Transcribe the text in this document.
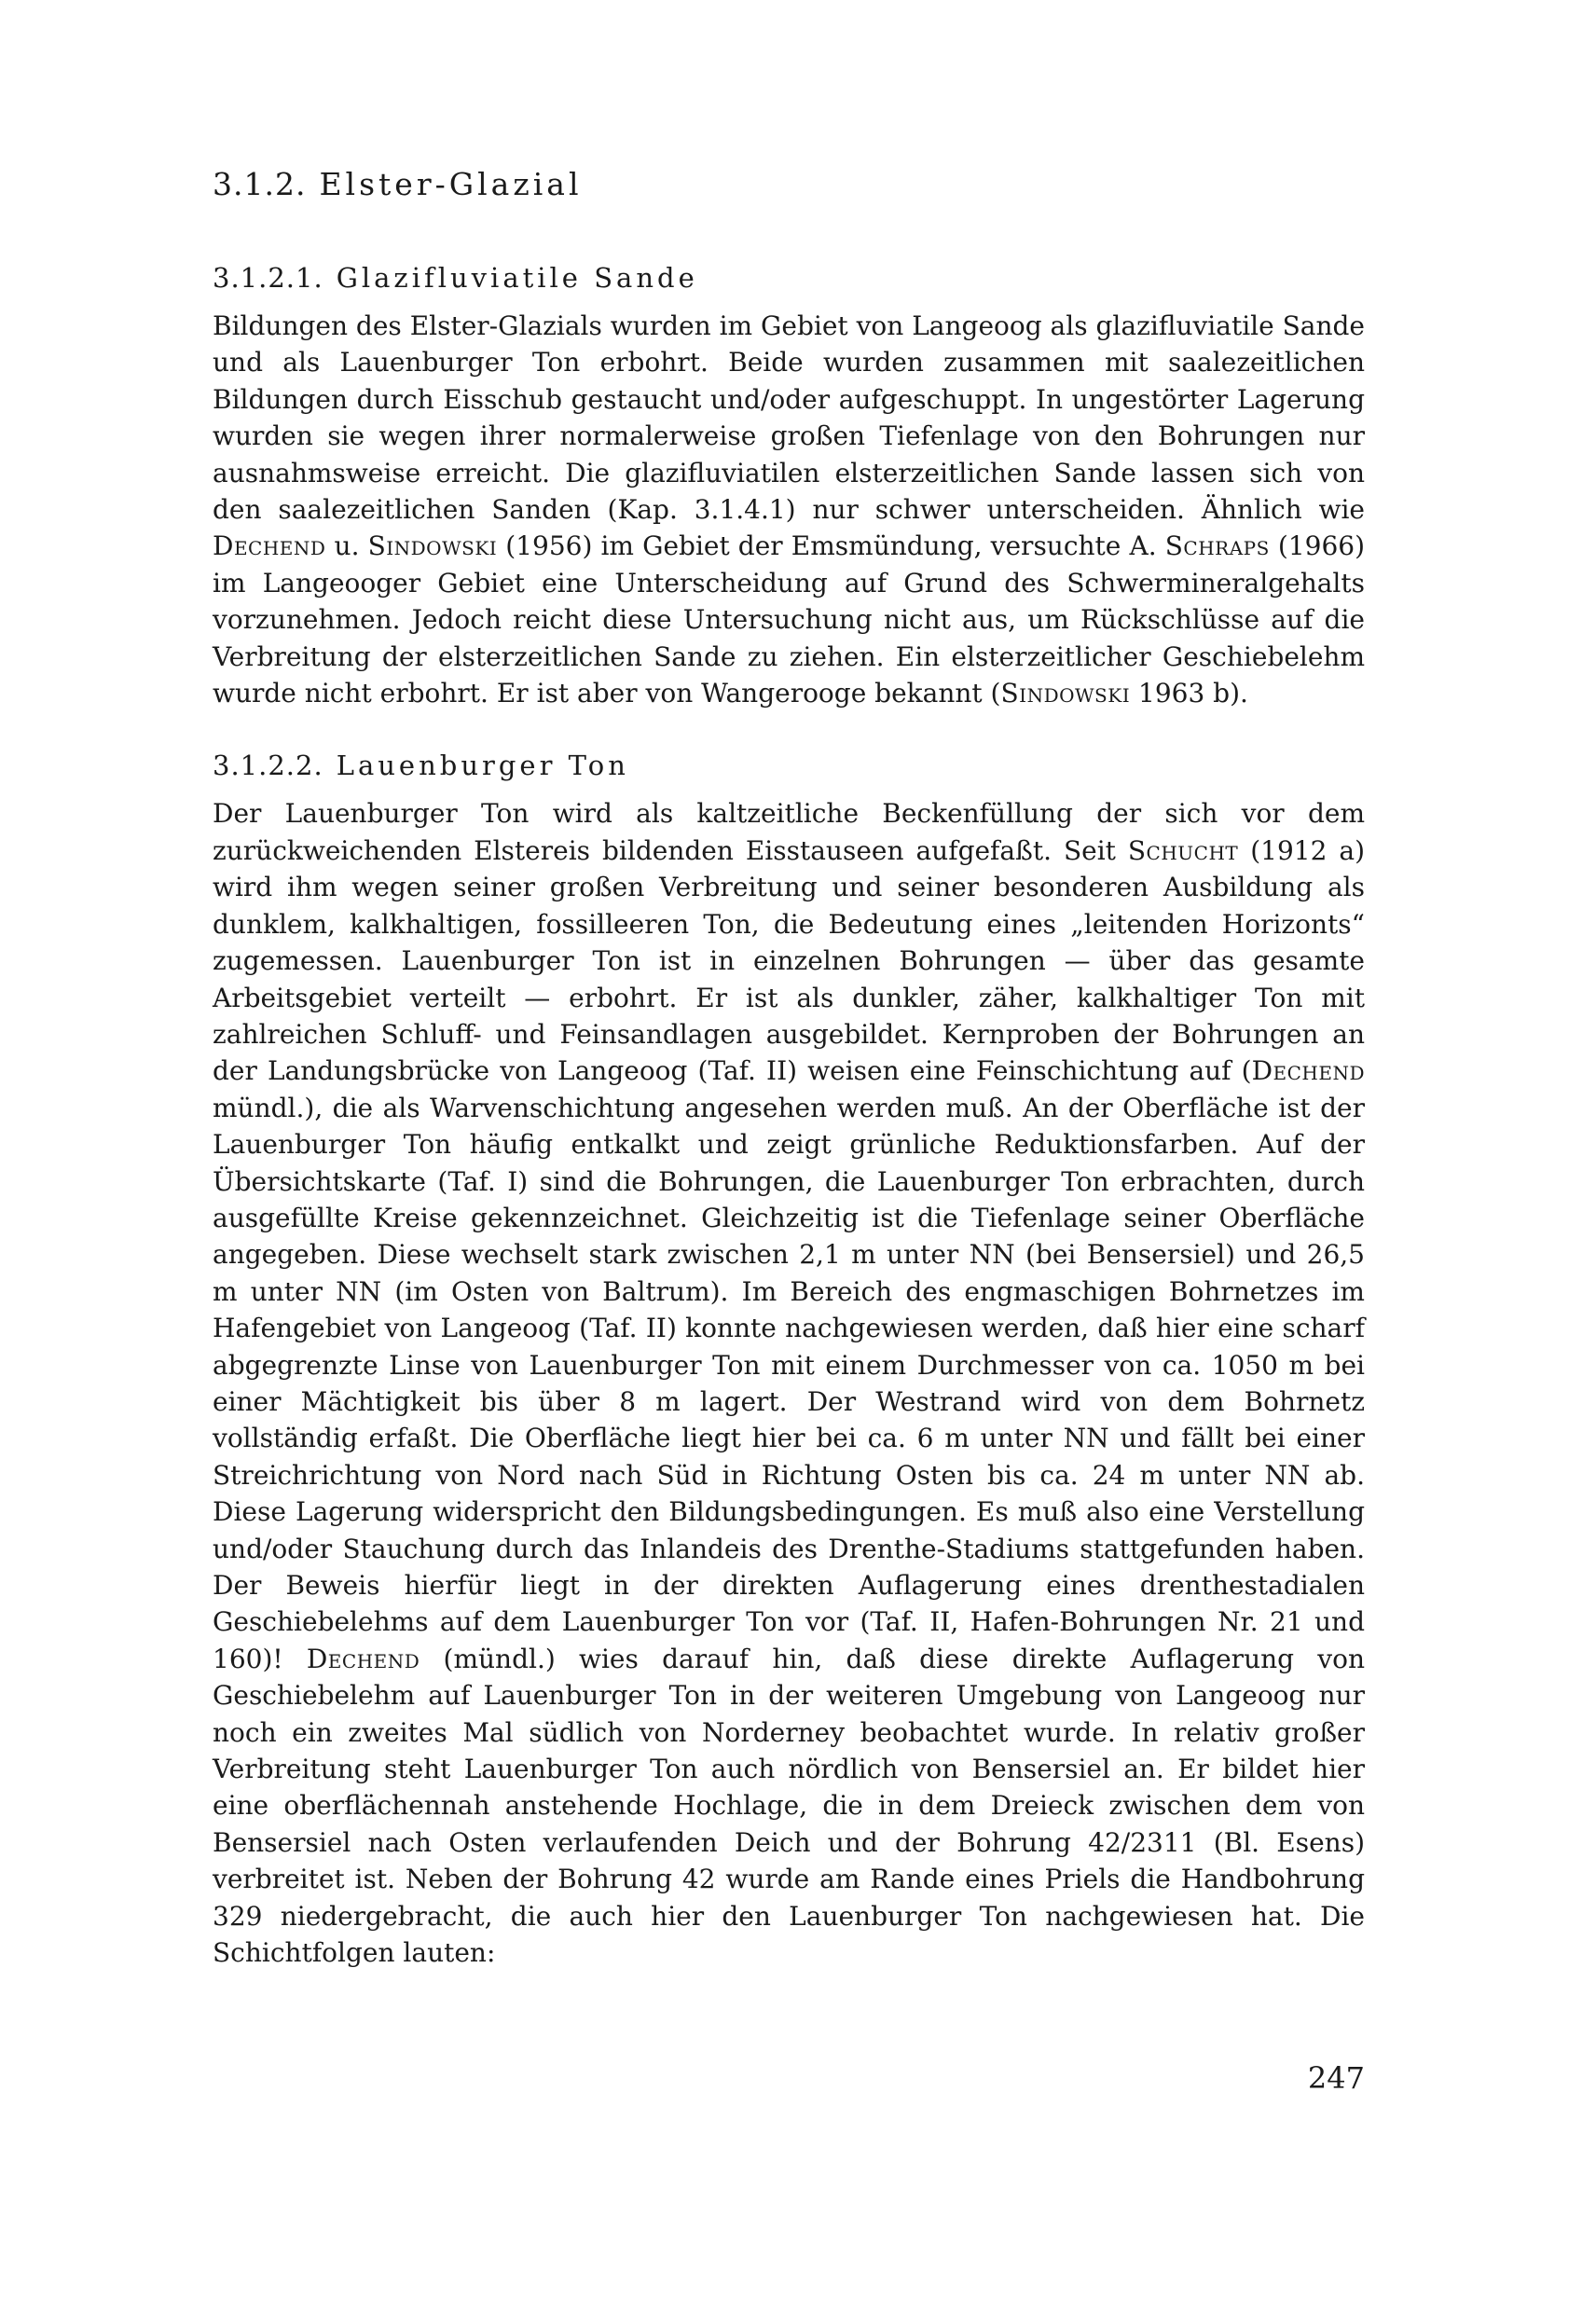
3.1.2. Elster-Glazial
3.1.2.1. Glazifluviatile Sande

Bildungen des Elster-Glazials wurden im Gebiet von Langeoog als glazifluviatile Sande und als Lauenburger Ton erbohrt. Beide wurden zusammen mit saalezeitlichen Bildungen durch Eisschub gestaucht und/oder aufgeschuppt. In ungestörter Lagerung wurden sie wegen ihrer normalerweise großen Tiefenlage von den Bohrungen nur ausnahmsweise erreicht. Die glazifluviatilen elsterzeitlichen Sande lassen sich von den saalezeitlichen Sanden (Kap. 3.1.4.1) nur schwer unterscheiden. Ähnlich wie Dechend u. Sindowski (1956) im Gebiet der Emsmündung, versuchte A. Schraps (1966) im Langeooger Gebiet eine Unterscheidung auf Grund des Schwermineralgehalts vorzunehmen. Jedoch reicht diese Untersuchung nicht aus, um Rückschlüsse auf die Verbreitung der elsterzeitlichen Sande zu ziehen. Ein elsterzeitlicher Geschiebelehm wurde nicht erbohrt. Er ist aber von Wangerooge bekannt (Sindowski 1963 b).

3.1.2.2. Lauenburger Ton

Der Lauenburger Ton wird als kaltzeitliche Beckenfüllung der sich vor dem zurückweichenden Elstereis bildenden Eisstauseen aufgefaßt. Seit Schucht (1912 a) wird ihm wegen seiner großen Verbreitung und seiner besonderen Ausbildung als dunklem, kalkhaltigen, fossilleeren Ton, die Bedeutung eines „leitenden Horizonts“ zugemessen. Lauenburger Ton ist in einzelnen Bohrungen — über das gesamte Arbeitsgebiet verteilt — erbohrt. Er ist als dunkler, zäher, kalkhaltiger Ton mit zahlreichen Schluff- und Feinsandlagen ausgebildet. Kernproben der Bohrungen an der Landungsbrücke von Langeoog (Taf. II) weisen eine Feinschichtung auf (Dechend mündl.), die als Warvenschichtung angesehen werden muß. An der Oberfläche ist der Lauenburger Ton häufig entkalkt und zeigt grünliche Reduktionsfarben. Auf der Übersichtskarte (Taf. I) sind die Bohrungen, die Lauenburger Ton erbrachten, durch ausgefüllte Kreise gekennzeichnet. Gleichzeitig ist die Tiefenlage seiner Oberfläche angegeben. Diese wechselt stark zwischen 2,1 m unter NN (bei Bensersiel) und 26,5 m unter NN (im Osten von Baltrum). Im Bereich des engmaschigen Bohrnetzes im Hafengebiet von Langeoog (Taf. II) konnte nachgewiesen werden, daß hier eine scharf abgegrenzte Linse von Lauenburger Ton mit einem Durchmesser von ca. 1050 m bei einer Mächtigkeit bis über 8 m lagert. Der Westrand wird von dem Bohrnetz vollständig erfaßt. Die Oberfläche liegt hier bei ca. 6 m unter NN und fällt bei einer Streichrichtung von Nord nach Süd in Richtung Osten bis ca. 24 m unter NN ab. Diese Lagerung widerspricht den Bildungsbedingungen. Es muß also eine Verstellung und/oder Stauchung durch das Inlandeis des Drenthe-Stadiums stattgefunden haben. Der Beweis hierfür liegt in der direkten Auflagerung eines drenthestadialen Geschiebelehms auf dem Lauenburger Ton vor (Taf. II, Hafen-Bohrungen Nr. 21 und 160)! Dechend (mündl.) wies darauf hin, daß diese direkte Auflagerung von Geschiebelehm auf Lauenburger Ton in der weiteren Umgebung von Langeoog nur noch ein zweites Mal südlich von Norderney beobachtet wurde. In relativ großer Verbreitung steht Lauenburger Ton auch nördlich von Bensersiel an. Er bildet hier eine oberflächennah anstehende Hochlage, die in dem Dreieck zwischen dem von Bensersiel nach Osten verlaufenden Deich und der Bohrung 42/2311 (Bl. Esens) verbreitet ist. Neben der Bohrung 42 wurde am Rande eines Priels die Handbohrung 329 niedergebracht, die auch hier den Lauenburger Ton nachgewiesen hat. Die Schichtfolgen lauten:

247
